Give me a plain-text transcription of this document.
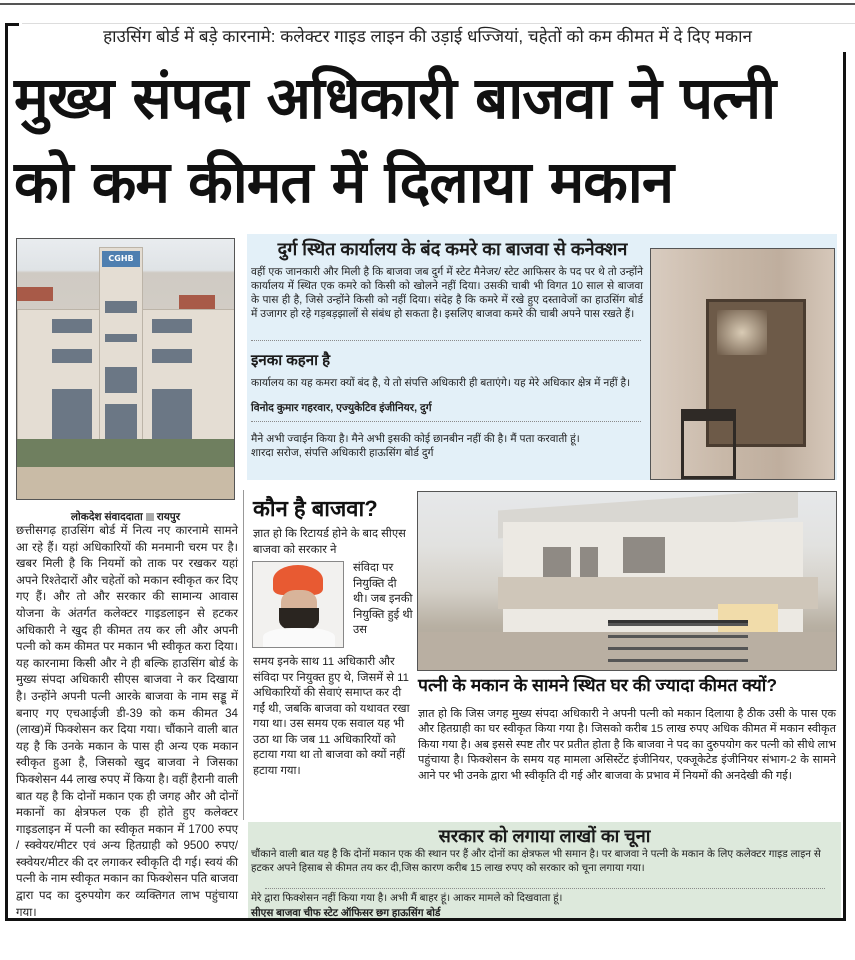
हाउसिंग बोर्ड में बड़े कारनामे: कलेक्टर गाइड लाइन की उड़ाई धज्जियां, चहेतों को कम कीमत में दे दिए मकान
मुख्य संपदा अधिकारी बाजवा ने पत्नी
को कम कीमत में दिलाया मकान
CGHB	दुर्ग स्थित कार्यालय के बंद कमरे का बाजवा से कनेक्शन
वहीं एक जानकारी और मिली है कि बाजवा जब दुर्ग में स्टेट मैनेजर/ स्टेट आफिसर के पद पर थे तो उन्होंने कार्यालय में स्थित एक कमरे को किसी को खोलने नहीं दिया। उसकी चाबी भी विगत 10 साल से बाजवा के पास ही है, जिसे उन्होंने किसी को नहीं दिया। संदेह है कि कमरे में रखे हुए दस्तावेजों का हाउसिंग बोर्ड में उजागर हो रहे गड़बड़झालों से संबंध हो सकता है। इसलिए बाजवा कमरे की चाबी अपने पास रखते हैं।
इनका कहना है
कार्यालय का यह कमरा क्यों बंद है, ये तो संपत्ति अधिकारी ही बताएंगे। यह मेरे अधिकार क्षेत्र में नहीं है।
विनोद कुमार गहरवार, एज्युकेटिव इंजीनियर, दुर्ग
मैने अभी ज्वाईन किया है। मैने अभी इसकी कोई छानबीन नहीं की है। मैं पता करवाती हूं।
शारदा सरोज, संपत्ति अधिकारी हाऊसिंग बोर्ड दुर्ग
लोकदेश संवाददाता रायपुर
छत्तीसगढ़ हाउसिंग बोर्ड में नित्य नए कारनामे सामने आ रहे हैं। यहां अधिकारियों की मनमानी चरम पर है। खबर मिली है कि नियमों को ताक पर रखकर यहां अपने रिश्तेदारों और चहेतों को मकान स्वीकृत कर दिए गए हैं। और तो और सरकार की सामान्य आवास योजना के अंतर्गत कलेक्टर गाइडलाइन से हटकर अधिकारी ने खुद ही कीमत तय कर ली और अपनी पत्नी को कम कीमत पर मकान भी स्वीकृत करा दिया। यह कारनामा किसी और ने ही बल्कि हाउसिंग बोर्ड के मुख्य संपदा अधिकारी सीएस बाजवा ने कर दिखाया है। उन्होंने अपनी पत्नी आरके बाजवा के नाम सड्डू में बनाए गए एचआईजी डी-39 को कम कीमत 34 (लाख)में फिक्शेसन कर दिया गया। चौंकाने वाली बात यह है कि उनके मकान के पास ही अन्य एक मकान स्वीकृत हुआ है, जिसको खुद बाजवा ने जिसका फिक्शेसन 44 लाख रुपए में किया है। वहीं हैरानी वाली बात यह है कि दोनों मकान एक ही जगह और औ दोनों मकानों का क्षेत्रफल एक ही होते हुए कलेक्टर गाइडलाइन में पत्नी का स्वीकृत मकान में 1700 रुपए / स्क्वेयर/मीटर एवं अन्य हितग्राही को 9500 रुपए/ स्क्वेयर/मीटर की दर लगाकर स्वीकृति दी गई। स्वयं की पत्नी के नाम स्वीकृत मकान का फिक्शेसन पति बाजवा द्वारा पद का दुरुपयोग कर व्यक्तिगत लाभ पहुंचाया गया।
कौन है बाजवा?
ज्ञात हो कि रिटायर्ड होने के बाद सीएस बाजवा को सरकार ने
संविदा पर नियुक्ति दी थी। जब इनकी नियुक्ति हुई थी उस
समय इनके साथ 11 अधिकारी और संविदा पर नियुक्त हुए थे, जिसमें से 11 अधिकारियों की सेवाएं समाप्त कर दी गईं थी, जबकि बाजवा को यथावत रखा गया था। उस समय एक सवाल यह भी उठा था कि जब 11 अधिकारियों को हटाया गया था तो बाजवा को क्यों नहीं हटाया गया।
पत्नी के मकान के सामने स्थित घर की ज्यादा कीमत क्यों?
ज्ञात हो कि जिस जगह मुख्य संपदा अधिकारी ने अपनी पत्नी को मकान दिलाया है ठीक उसी के पास एक और हितग्राही का घर स्वीकृत किया गया है। जिसको करीब 15 लाख रुपए अधिक कीमत में मकान स्वीकृत किया गया है। अब इससे स्पष्ट तौर पर प्रतीत होता है कि बाजवा ने पद का दुरुपयोग कर पत्नी को सीधे लाभ पहुंचाया है। फिक्शेसन के समय यह मामला असिस्टेंट इंजीनियर, एक्जूकेटेड इंजीनियर संभाग-2 के सामने आने पर भी उनके द्वारा भी स्वीकृति दी गई और बाजवा के प्रभाव में नियमों की अनदेखी की गई।
सरकार को लगाया लाखों का चूना
चौंकाने वाली बात यह है कि दोनों मकान एक की स्थान पर हैं और दोनों का क्षेत्रफल भी समान है। पर बाजवा ने पत्नी के मकान के लिए कलेक्टर गाइड लाइन से हटकर अपने हिसाब से कीमत तय कर दी,जिस कारण करीब 15 लाख रुपए को सरकार को चूना लगाया गया।
मेरे द्वारा फिक्शेसन नहीं किया गया है। अभी मैं बाहर हूं। आकर मामले को दिखवाता हूं।
सीएस बाजवा चीफ स्टेट ऑफिसर छग हाऊसिंग बोर्ड
